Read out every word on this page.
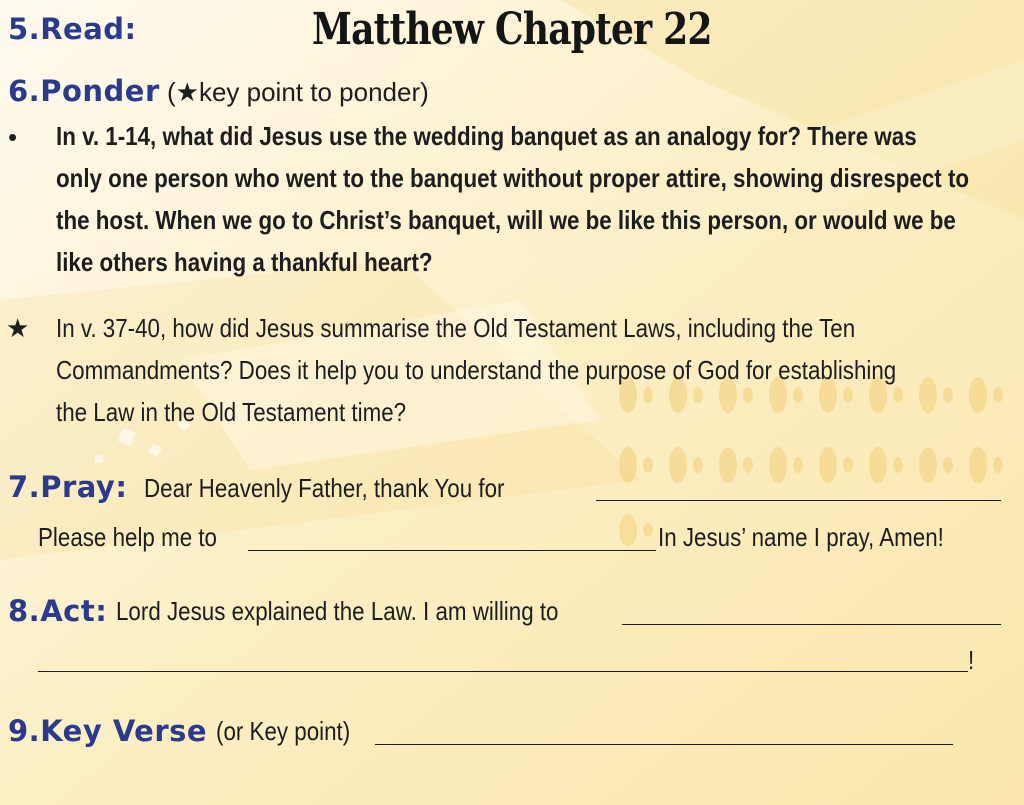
5.Read:	Matthew Chapter 22
6.Ponder (★key point to ponder)
• In v. 1-14, what did Jesus use the wedding banquet as an analogy for? There was
only one person who went to the banquet without proper attire, showing disrespect to
the host. When we go to Christ’s banquet, will we be like this person, or would we be
like others having a thankful heart?
★ In v. 37-40, how did Jesus summarise the Old Testament Laws, including the Ten
Commandments? Does it help you to understand the purpose of God for establishing
the Law in the Old Testament time?
7.Pray: Dear Heavenly Father, thank You for
Please help me to	In Jesus’ name I pray, Amen!
8.Act: Lord Jesus explained the Law. I am willing to
!
9.Key Verse (or Key point)
